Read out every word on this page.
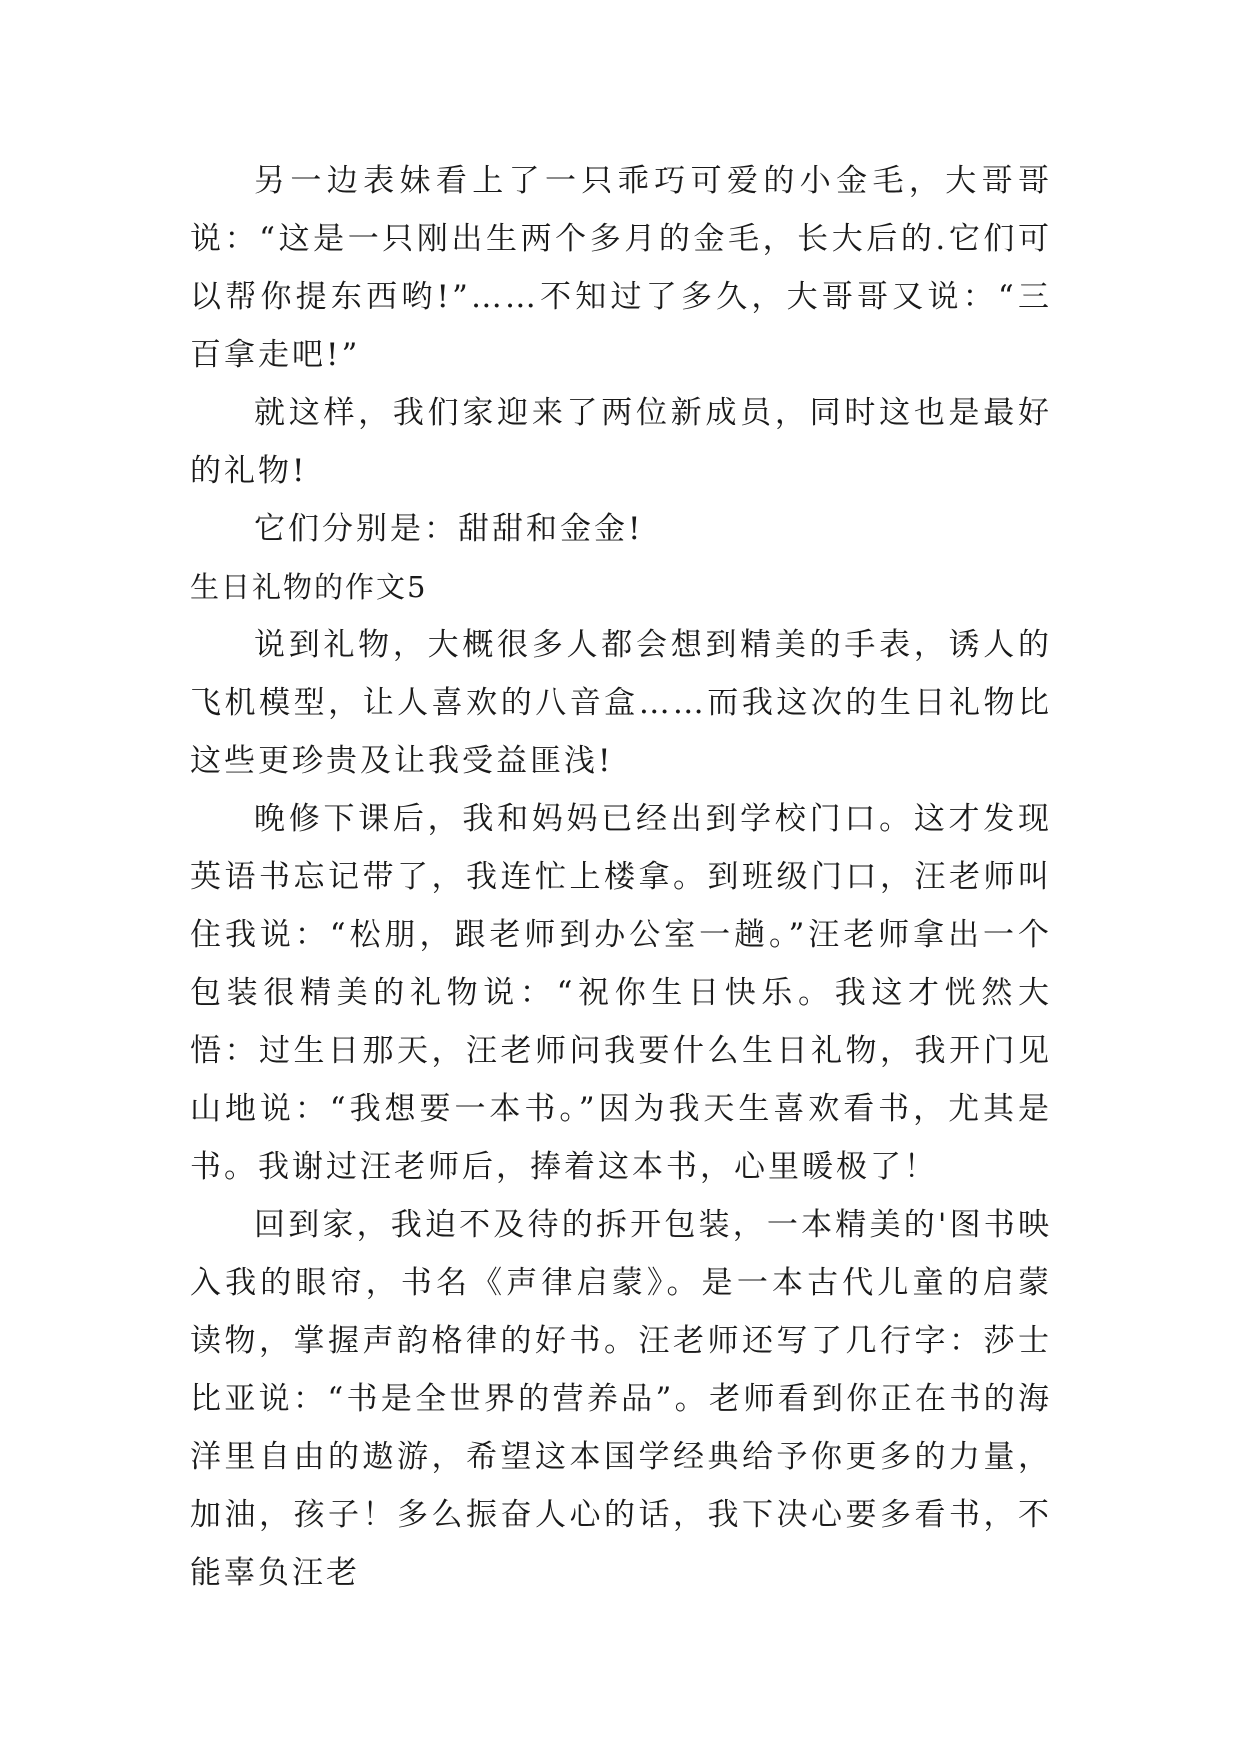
另一边表妹看上了一只乖巧可爱的小金毛，大哥哥说：“这是一只刚出生两个多月的金毛，长大后的.它们可以帮你提东西哟!”……不知过了多久，大哥哥又说：“三百拿走吧!”

就这样，我们家迎来了两位新成员，同时这也是最好的礼物!

它们分别是：甜甜和金金!

生日礼物的作文5

说到礼物，大概很多人都会想到精美的手表，诱人的飞机模型，让人喜欢的八音盒……而我这次的生日礼物比这些更珍贵及让我受益匪浅!

晚修下课后，我和妈妈已经出到学校门口。这才发现英语书忘记带了，我连忙上楼拿。到班级门口，汪老师叫住我说：“松朋，跟老师到办公室一趟。”汪老师拿出一个包装很精美的礼物说：“祝你生日快乐。我这才恍然大悟：过生日那天，汪老师问我要什么生日礼物，我开门见山地说：“我想要一本书。”因为我天生喜欢看书，尤其是书。我谢过汪老师后，捧着这本书，心里暖极了！

回到家，我迫不及待的拆开包装，一本精美的'图书映入我的眼帘，书名《声律启蒙》。是一本古代儿童的启蒙读物，掌握声韵格律的好书。汪老师还写了几行字：莎士比亚说：“书是全世界的营养品”。老师看到你正在书的海洋里自由的遨游，希望这本国学经典给予你更多的力量，加油，孩子！多么振奋人心的话，我下决心要多看书，不能辜负汪老
